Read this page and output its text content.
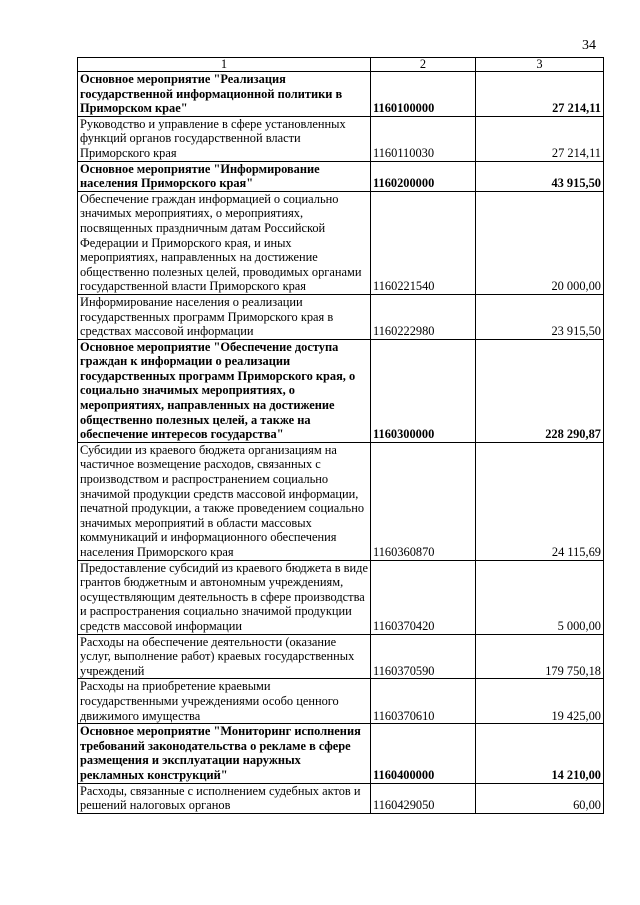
34
1	2	3
Основное мероприятие "Реализация государственной информационной политики в Приморском крае"	1160100000	27 214,11
Руководство и управление в сфере установленных функций органов государственной власти Приморского края	1160110030	27 214,11
Основное мероприятие "Информирование населения Приморского края"	1160200000	43 915,50
Обеспечение граждан информацией о социально значимых мероприятиях, о мероприятиях, посвященных праздничным датам Российской Федерации и Приморского края, и иных мероприятиях, направленных на достижение общественно полезных целей, проводимых органами государственной власти Приморского края	1160221540	20 000,00
Информирование населения о реализации государственных программ Приморского края в средствах массовой информации	1160222980	23 915,50
Основное мероприятие "Обеспечение доступа граждан к информации о реализации государственных программ Приморского края, о социально значимых мероприятиях, о мероприятиях, направленных на достижение общественно полезных целей, а также на обеспечение интересов государства"	1160300000	228 290,87
Субсидии из краевого бюджета организациям на частичное возмещение расходов, связанных с производством и распространением социально значимой продукции средств массовой информации, печатной продукции, а также проведением социально значимых мероприятий в области массовых коммуникаций и информационного обеспечения населения Приморского края	1160360870	24 115,69
Предоставление субсидий из краевого бюджета в виде грантов бюджетным и автономным учреждениям, осуществляющим деятельность в сфере производства и распространения социально значимой продукции средств массовой информации	1160370420	5 000,00
Расходы на обеспечение деятельности (оказание услуг, выполнение работ) краевых государственных учреждений	1160370590	179 750,18
Расходы на приобретение краевыми государственными учреждениями особо ценного движимого имущества	1160370610	19 425,00
Основное мероприятие "Мониторинг исполнения требований законодательства о рекламе в сфере размещения и эксплуатации наружных рекламных конструкций"	1160400000	14 210,00
Расходы, связанные с исполнением судебных актов и решений налоговых органов	1160429050	60,00
